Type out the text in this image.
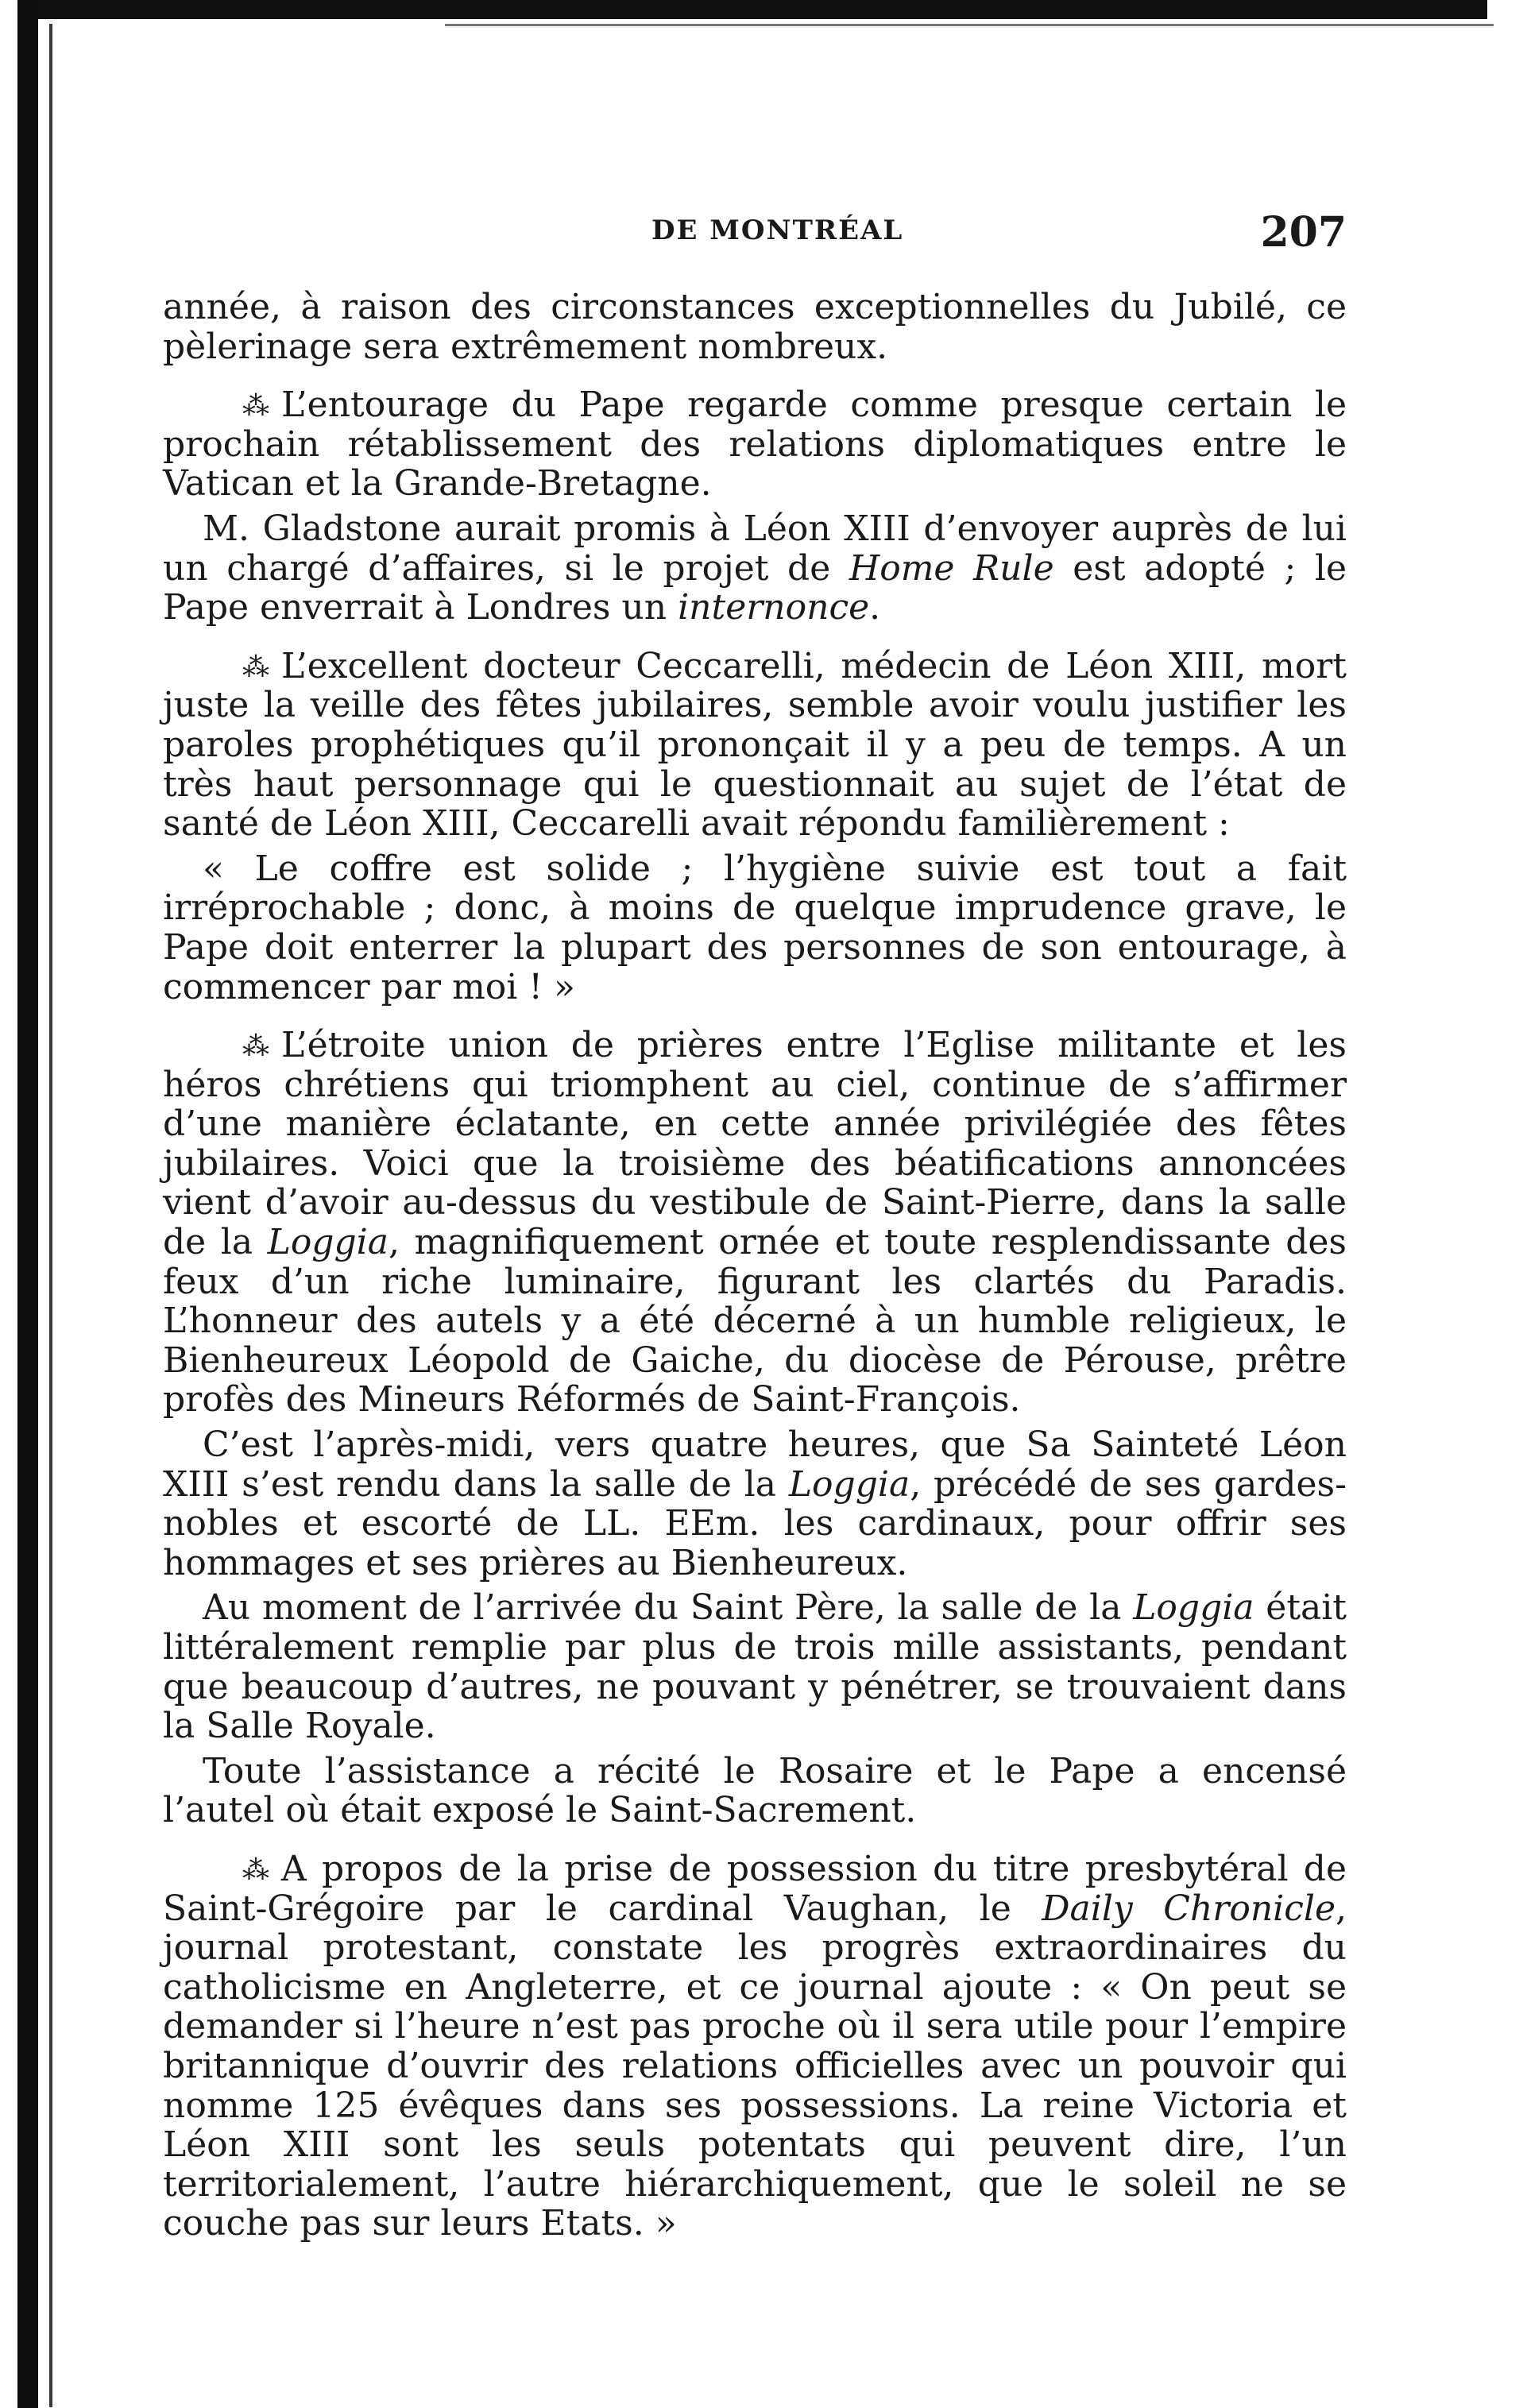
DE MONTRÉAL	207

année, à raison des circonstances exceptionnelles du Jubilé, ce pèlerinage sera extrêmement nombreux.

⁂ L’entourage du Pape regarde comme presque certain le prochain rétablissement des relations diplomatiques entre le Vatican et la Grande-Bretagne.

M. Gladstone aurait promis à Léon XIII d’envoyer auprès de lui un chargé d’affaires, si le projet de Home Rule est adopté ; le Pape enverrait à Londres un internonce.

⁂ L’excellent docteur Ceccarelli, médecin de Léon XIII, mort juste la veille des fêtes jubilaires, semble avoir voulu justifier les paroles prophétiques qu’il prononçait il y a peu de temps. A un très haut personnage qui le questionnait au sujet de l’état de santé de Léon XIII, Ceccarelli avait répondu familièrement :

« Le coffre est solide ; l’hygiène suivie est tout a fait irréprochable ; donc, à moins de quelque imprudence grave, le Pape doit enterrer la plupart des personnes de son entourage, à commencer par moi ! »

⁂ L’étroite union de prières entre l’Eglise militante et les héros chrétiens qui triomphent au ciel, continue de s’affirmer d’une manière éclatante, en cette année privilégiée des fêtes jubilaires. Voici que la troisième des béatifications annoncées vient d’avoir au-dessus du vestibule de Saint-Pierre, dans la salle de la Loggia, magnifiquement ornée et toute resplendissante des feux d’un riche luminaire, figurant les clartés du Paradis. L’honneur des autels y a été décerné à un humble religieux, le Bienheureux Léopold de Gaiche, du diocèse de Pérouse, prêtre profès des Mineurs Réformés de Saint-François.

C’est l’après-midi, vers quatre heures, que Sa Sainteté Léon XIII s’est rendu dans la salle de la Loggia, précédé de ses gardes-nobles et escorté de LL. EEm. les cardinaux, pour offrir ses hommages et ses prières au Bienheureux.

Au moment de l’arrivée du Saint Père, la salle de la Loggia était littéralement remplie par plus de trois mille assistants, pendant que beaucoup d’autres, ne pouvant y pénétrer, se trouvaient dans la Salle Royale.

Toute l’assistance a récité le Rosaire et le Pape a encensé l’autel où était exposé le Saint-Sacrement.

⁂ A propos de la prise de possession du titre presbytéral de Saint-Grégoire par le cardinal Vaughan, le Daily Chronicle, journal protestant, constate les progrès extraordinaires du catholicisme en Angleterre, et ce journal ajoute : « On peut se demander si l’heure n’est pas proche où il sera utile pour l’empire britannique d’ouvrir des relations officielles avec un pouvoir qui nomme 125 évêques dans ses possessions. La reine Victoria et Léon XIII sont les seuls potentats qui peuvent dire, l’un territorialement, l’autre hiérarchiquement, que le soleil ne se couche pas sur leurs Etats. »
